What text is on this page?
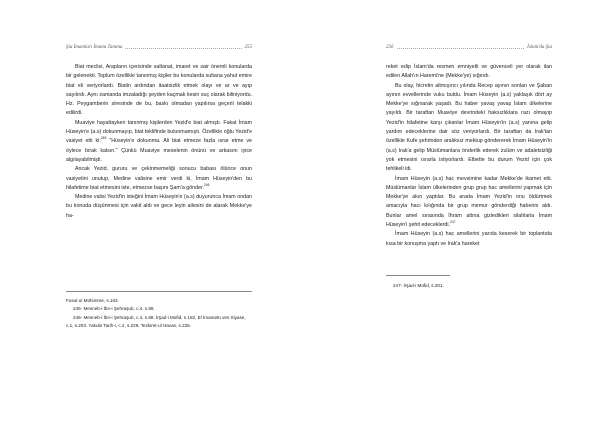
Şia İmamları İmamı Tanıma	255

Biat meclisi, Arapların içerisinde saltanat, imaret ve sair önemli konularda bir gelenekti. Toplum özellikle tanınmış kişiler bu konularda sultana yahut emire biat eli veriyorlardı. Biatin ardından itaatsizlik etmek olayı ve ar ve ayıp sayılırdı. Aynı zamanda imzaladığı şeyden kaçmak kesin suç olarak biliniyordu. Hz. Peygamberin siresinde de bu, baskı olmadan yapılırsa geçerli telakki edilirdi.

Muaviye hayattayken tanınmış kişilerden Yezid'e biat almıştı. Fakat İmam Hüseyin'e (a.s) dokunmayıp, biat teklifinde bulunmamıştı. Özellikle oğlu Yezid'e vasiyet etti ki:$^{245}$ "Hüseyin'e dokunma. Ali biat etmeze fazla ısrar etme ve öylece bırak kalsın." Çünkü Muaviye meselenin önünü ve arkasını iyice algılayabilmişti.

Ancak Yezid, gururu ve çekinmemeliği sonucu babası ölünce onun vasiyetini unutup, Medine valisine emir verdi ki, İmam Hüseyin'den bu hilafetime biat etmesini iste, etmezse başını Şam'a gönder.$^{246}$

Medine valisi Yezid'in isteğini İmam Hüseyin'e (a.s) duyurunca İmam ondan bu konuda düşünmesi için vakit aldı ve gece leyin ailesini de alarak Mekke'ye ha-

Fusul-ul Mühimme, s.163.

245- Mesneb-i İbn-i Şehraşub, c.4, s.88.

246- Mesneb-i İbn-i Şehraşub, c.4, s.88. İrşad-i Müfid, s.182, El İmametü ves Siyase, c.1, s.203. Yakubi Tarih-i, c.2, s.229, Tezkiret-ul Havas, s.235.

256	İslam'da Şia

reket edip İslam'da resmen emniyetli ve güvenceli yer olarak ilan edilen Allah'ın Haremi'ne (Mekke'ye) sığındı.

Bu olay, hicretin altmışıncı yılında Recep ayının sonları ve Şaban ayının evvellerinde vuku buldu. İmam Hüseyin (a.s) yaklaşık dört ay Mekke'ye sığınarak yaşadı. Bu haber yavaş yavaş İslam ülkelerine yayıldı. Bir taraftan Muaviye devrindeki haksızlıklara razı olmayıp Yezid'in hilafetine karşı çıkanlar İmam Hüseyin'in (a.s) yanına gelip yardım edeceklerine dair söz veriyorlardı. Bir taraftan da Irak'tan özellikle Kufe şehrinden aralıksız mektup göndererek İmam Hüseyin'in (a.s) Irak'a gelip Müslümanlara önderlik ederek zulüm ve adaletsizliği yok etmesini ısrarla istiyorlardı. Elbette bu durum Yezid için çok tehlikeli idi.

İmam Hüseyin (a.s) hac mevsimine kadar Mekke'de ikamet etti. Müslümanlar İslam ülkelerinden grup grup hac amellerini yapmak için Mekke'ye akın yaptılar. Bu arada İmam Yezid'in onu öldürtmek amacıyla hacı kılığında bir grup memur gönderdiği haberini aldı. Bunlar amel sırasında İhram altına gizledikleri silahlarla İmam Hüseyin'i şehit edeceklerdi.$^{247}$

İmam Hüseyin (a.s) hac amellerini yarıda keserek bir toplantıda kısa bir konuşma yaptı ve Irak'a hareket

247- İrşad-i Müfid, s.201.
